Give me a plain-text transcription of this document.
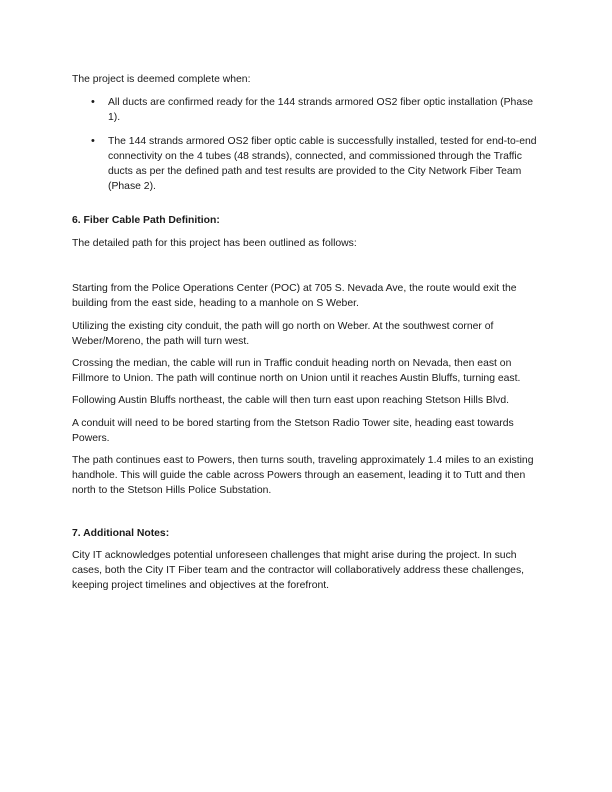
The project is deemed complete when:

• All ducts are confirmed ready for the 144 strands armored OS2 fiber optic installation (Phase 1).
• The 144 strands armored OS2 fiber optic cable is successfully installed, tested for end-to-end connectivity on the 4 tubes (48 strands), connected, and commissioned through the Traffic ducts as per the defined path and test results are provided to the City Network Fiber Team (Phase 2).

6. Fiber Cable Path Definition:

The detailed path for this project has been outlined as follows:

Starting from the Police Operations Center (POC) at 705 S. Nevada Ave, the route would exit the building from the east side, heading to a manhole on S Weber.

Utilizing the existing city conduit, the path will go north on Weber. At the southwest corner of Weber/Moreno, the path will turn west.

Crossing the median, the cable will run in Traffic conduit heading north on Nevada, then east on Fillmore to Union. The path will continue north on Union until it reaches Austin Bluffs, turning east.

Following Austin Bluffs northeast, the cable will then turn east upon reaching Stetson Hills Blvd.

A conduit will need to be bored starting from the Stetson Radio Tower site, heading east towards Powers.

The path continues east to Powers, then turns south, traveling approximately 1.4 miles to an existing handhole. This will guide the cable across Powers through an easement, leading it to Tutt and then north to the Stetson Hills Police Substation.

7. Additional Notes:

City IT acknowledges potential unforeseen challenges that might arise during the project. In such cases, both the City IT Fiber team and the contractor will collaboratively address these challenges, keeping project timelines and objectives at the forefront.
